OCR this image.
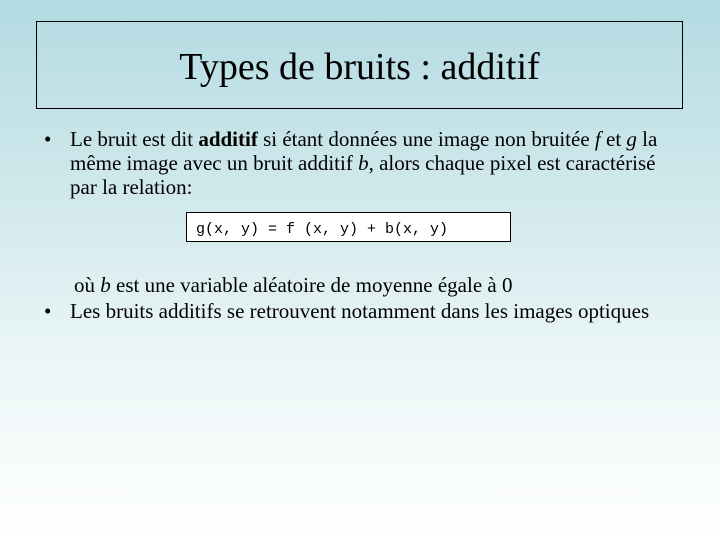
Types de bruits : additif
• Le bruit est dit additif si étant données une image non bruitée f et g la même image avec un bruit additif b, alors chaque pixel est caractérisé par la relation:
g(x, y) = f (x, y) + b(x, y)
où b est une variable aléatoire de moyenne égale à 0
• Les bruits additifs se retrouvent notamment dans les images optiques
